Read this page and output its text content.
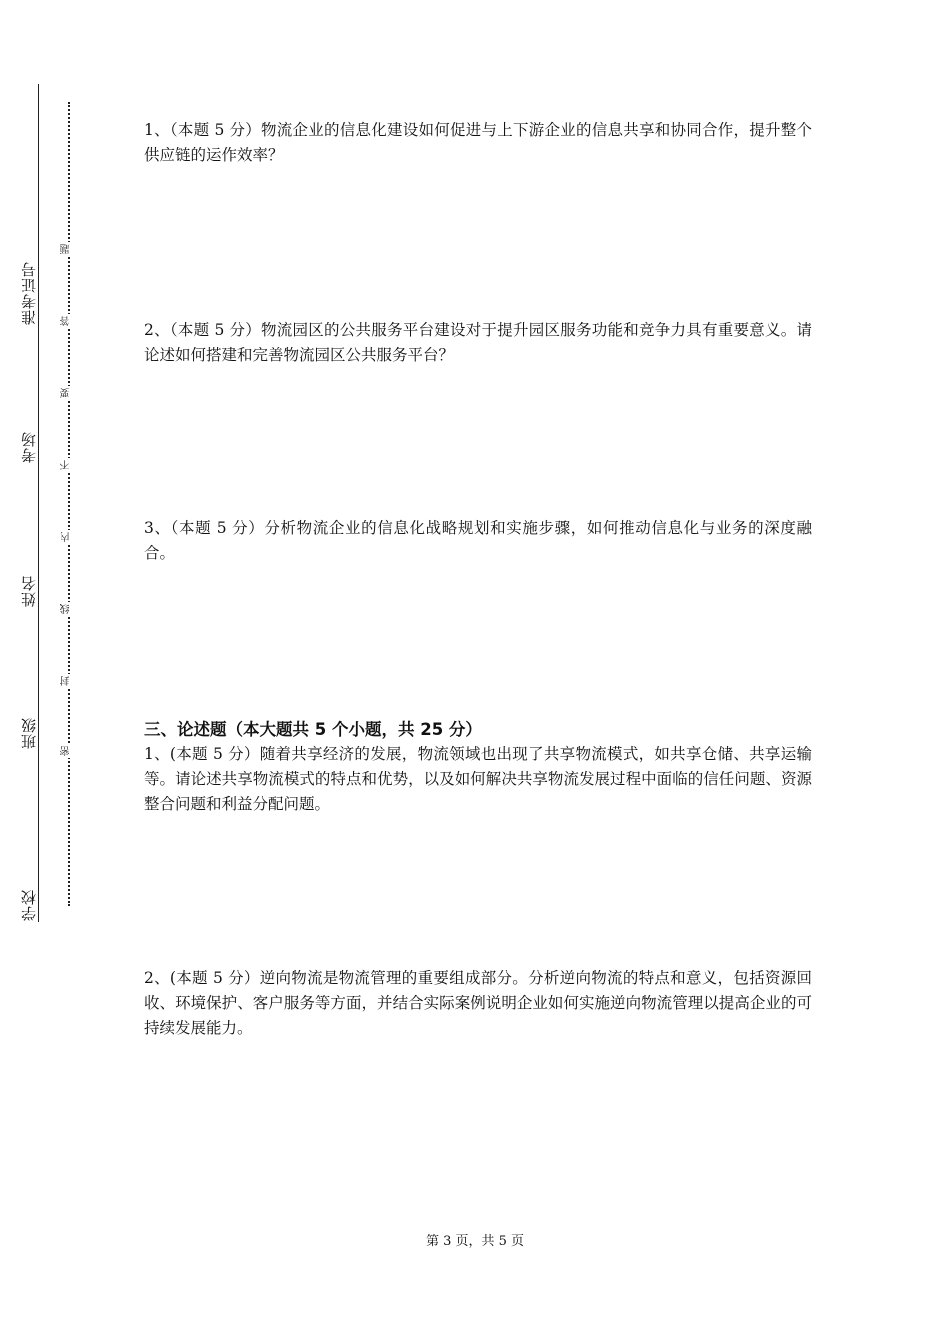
准考证号
考场
姓名
班级
学校
题
答
要
不
内
线
封
密

1、（本题 5 分）物流企业的信息化建设如何促进与上下游企业的信息共享和协同合作，提升整个供应链的运作效率？

2、（本题 5 分）物流园区的公共服务平台建设对于提升园区服务功能和竞争力具有重要意义。请论述如何搭建和完善物流园区公共服务平台？

3、（本题 5 分）分析物流企业的信息化战略规划和实施步骤，如何推动信息化与业务的深度融合。

三、论述题（本大题共 5 个小题，共 25 分）

1、(本题 5 分）随着共享经济的发展，物流领域也出现了共享物流模式，如共享仓储、共享运输等。请论述共享物流模式的特点和优势，以及如何解决共享物流发展过程中面临的信任问题、资源整合问题和利益分配问题。

2、(本题 5 分）逆向物流是物流管理的重要组成部分。分析逆向物流的特点和意义，包括资源回收、环境保护、客户服务等方面，并结合实际案例说明企业如何实施逆向物流管理以提高企业的可持续发展能力。

第 3 页，共 5 页
